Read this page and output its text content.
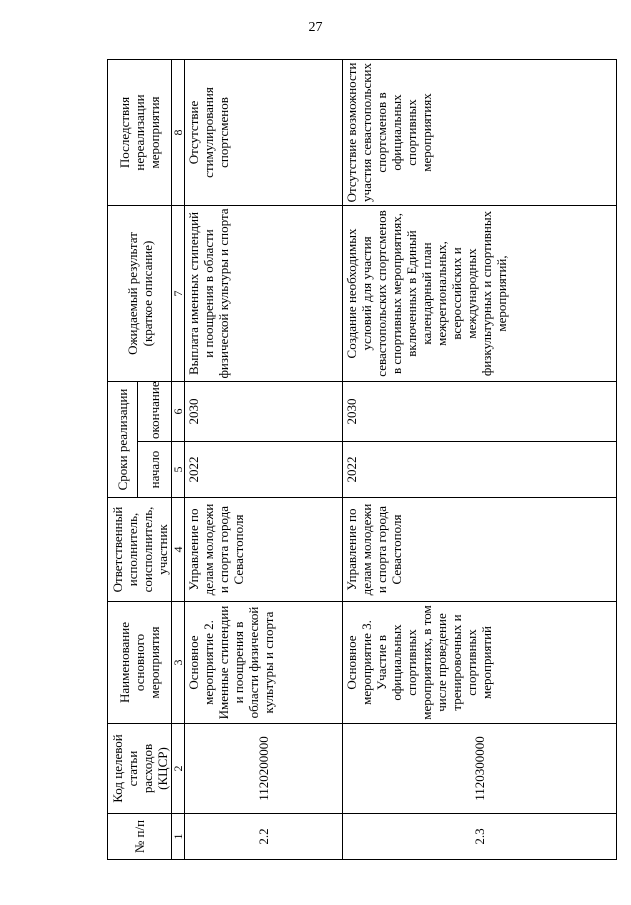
27
№ п/п	Код целевой статьи расходов (КЦСР)	Наименование основного мероприятия	Ответственный исполнитель, соисполнитель, участник	Сроки реализации		Ожидаемый результат (краткое описание)	Последствия нереализации мероприятия
				начало	окончание		
1	2	3	4	5	6	7	8
2.2	1120200000	Основное мероприятие 2. Именные стипендии и поощрения в области физической культуры и спорта	Управление по делам молодежи и спорта города Севастополя	2022	2030	Выплата именных стипендий и поощрения в области физической культуры и спорта	Отсутствие стимулирования спортсменов
2.3	1120300000	Основное мероприятие 3. Участие в официальных спортивных мероприятиях, в том числе проведение тренировочных и спортивных мероприятий	Управление по делам молодежи и спорта города Севастополя	2022	2030	Создание необходимых условий для участия севастопольских спортсменов в спортивных мероприятиях, включенных в Единый календарный план межрегиональных, всероссийских и международных физкультурных и спортивных мероприятий,	Отсутствие возможности участия севастопольских спортсменов в официальных спортивных мероприятиях
